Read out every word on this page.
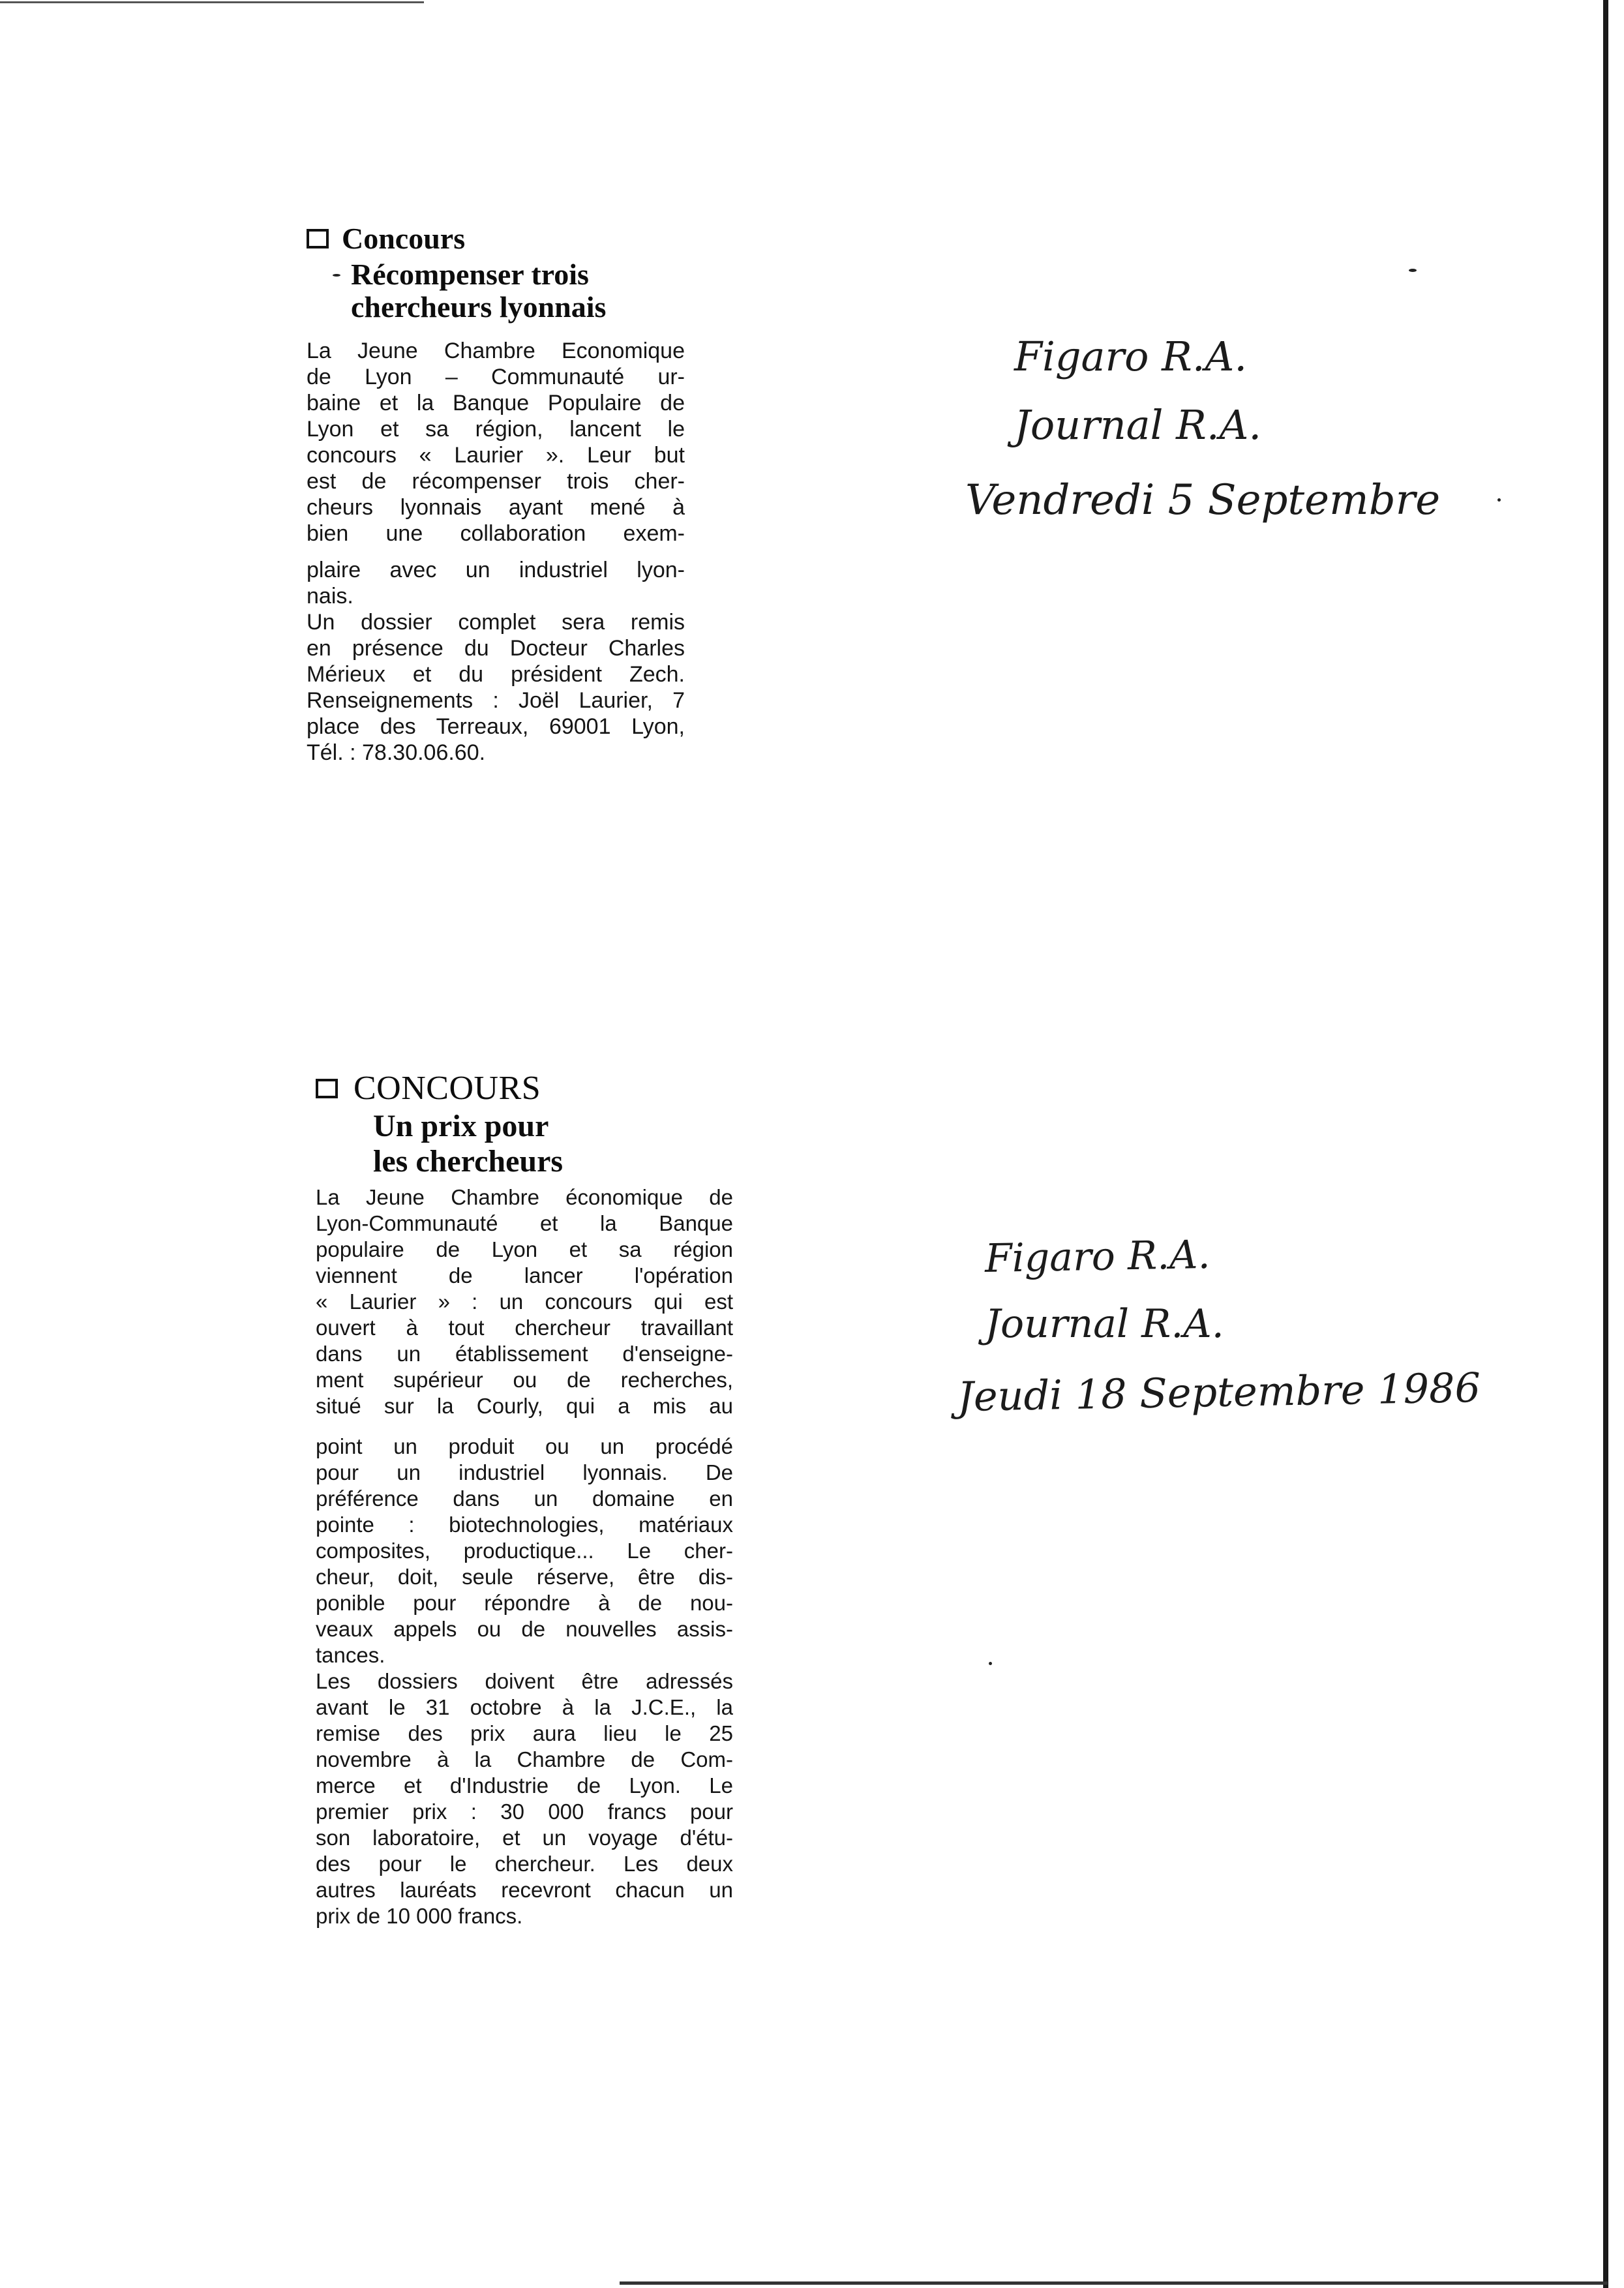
Concours
Récompenser trois
chercheurs lyonnais
La Jeune Chambre Economique
de Lyon – Communauté ur-
baine et la Banque Populaire de
Lyon et sa région, lancent le
concours « Laurier ». Leur but
est de récompenser trois cher-
cheurs lyonnais ayant mené à
bien une collaboration exem-
plaire avec un industriel lyon-
nais.
Un dossier complet sera remis
en présence du Docteur Charles
Mérieux et du président Zech.
Renseignements : Joël Laurier, 7
place des Terreaux, 69001 Lyon,
Tél. : 78.30.06.60.
CONCOURS
Un prix pour
les chercheurs
La Jeune Chambre économique de
Lyon-Communauté et la Banque
populaire de Lyon et sa région
viennent de lancer l'opération
« Laurier » : un concours qui est
ouvert à tout chercheur travaillant
dans un établissement d'enseigne-
ment supérieur ou de recherches,
situé sur la Courly, qui a mis au
point un produit ou un procédé
pour un industriel lyonnais. De
préférence dans un domaine en
pointe : biotechnologies, matériaux
composites, productique... Le cher-
cheur, doit, seule réserve, être dis-
ponible pour répondre à de nou-
veaux appels ou de nouvelles assis-
tances.
Les dossiers doivent être adressés
avant le 31 octobre à la J.C.E., la
remise des prix aura lieu le 25
novembre à la Chambre de Com-
merce et d'Industrie de Lyon. Le
premier prix : 30 000 francs pour
son laboratoire, et un voyage d'étu-
des pour le chercheur. Les deux
autres lauréats recevront chacun un
prix de 10 000 francs.
Figaro R.A.
Journal R.A.
Vendredi 5 Septembre
Figaro R.A.
Journal R.A.
Jeudi 18 Septembre 1986
